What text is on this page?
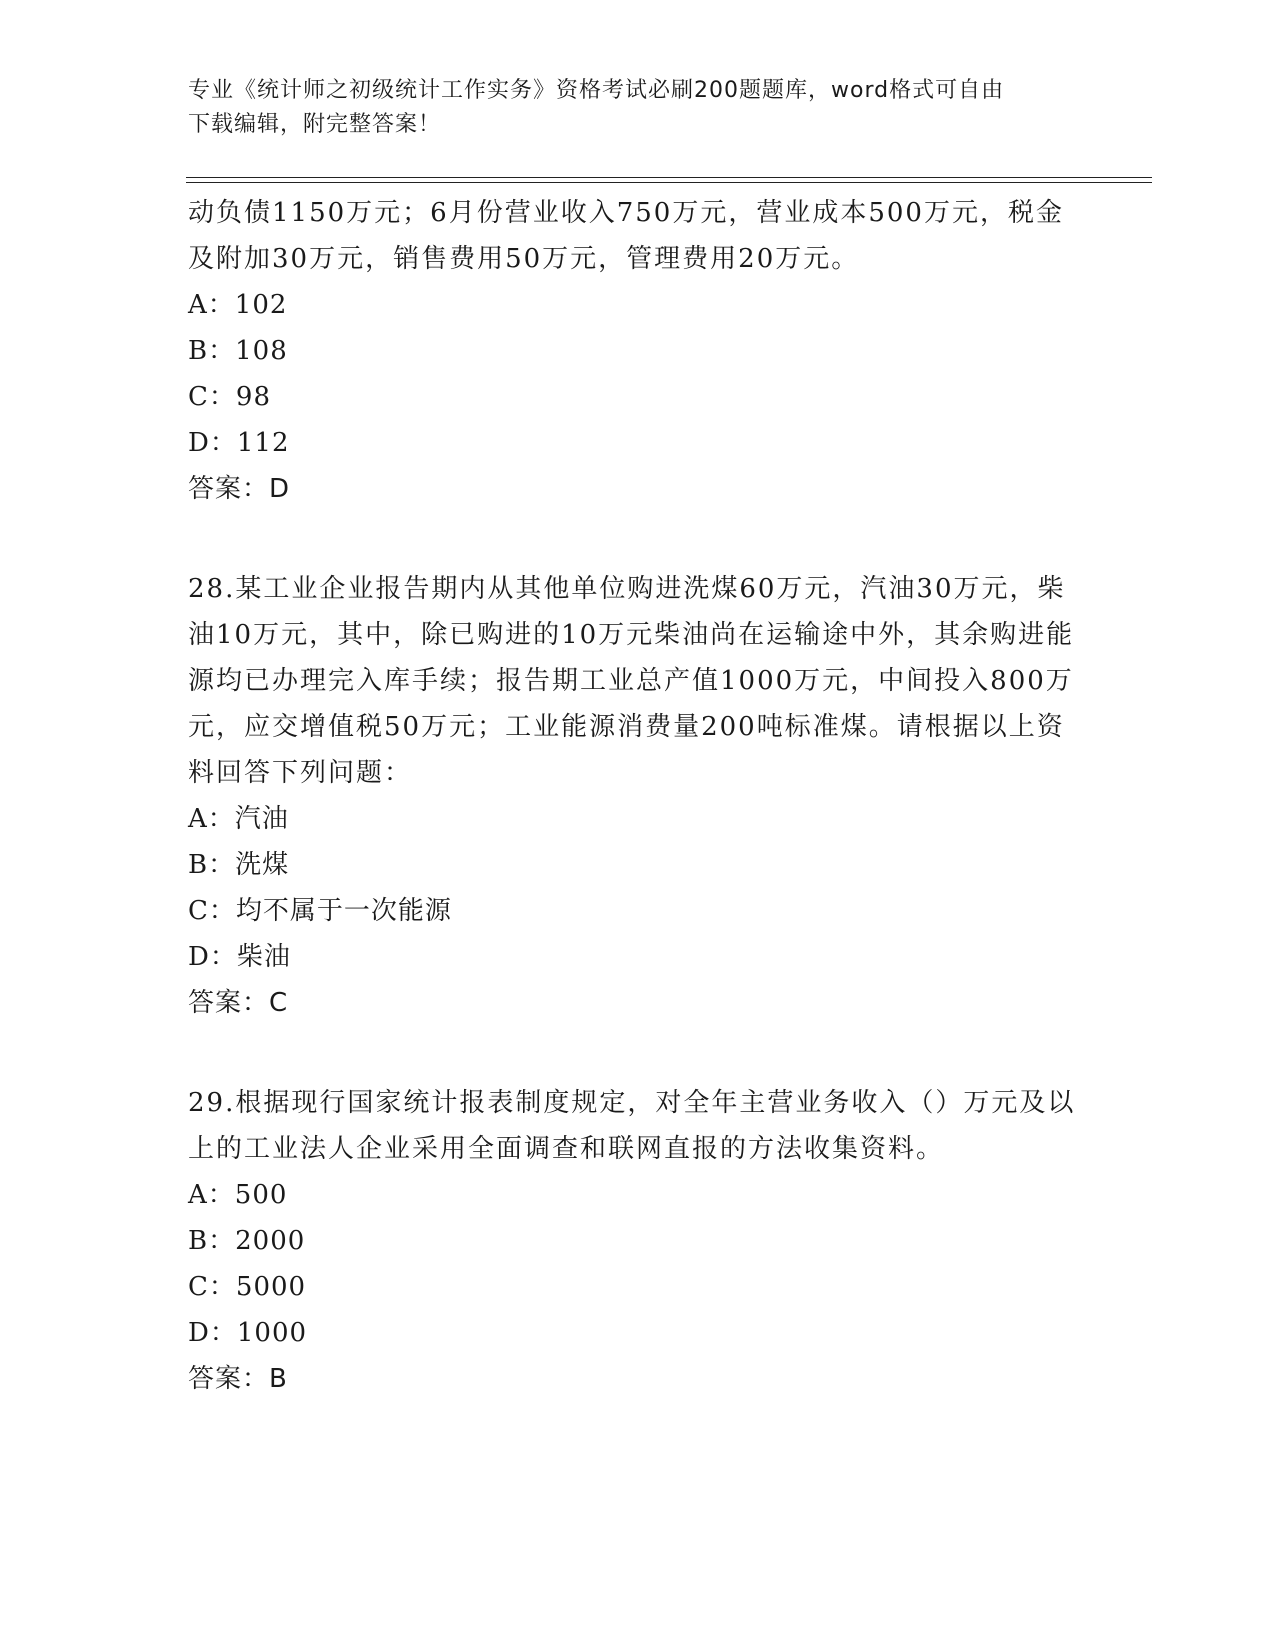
专业《统计师之初级统计工作实务》资格考试必刷200题题库，word格式可自由
下载编辑，附完整答案！

动负债1150万元；6月份营业收入750万元，营业成本500万元，税金及附加30万元，销售费用50万元，管理费用20万元。

A：102

B：108

C：98

D：112

答案：D

28.某工业企业报告期内从其他单位购进洗煤60万元，汽油30万元，柴油10万元，其中，除已购进的10万元柴油尚在运输途中外，其余购进能源均已办理完入库手续；报告期工业总产值1000万元，中间投入800万元，应交增值税50万元；工业能源消费量200吨标准煤。请根据以上资料回答下列问题：

A：汽油

B：洗煤

C：均不属于一次能源

D：柴油

答案：C

29.根据现行国家统计报表制度规定，对全年主营业务收入（）万元及以上的工业法人企业采用全面调查和联网直报的方法收集资料。

A：500

B：2000

C：5000

D：1000

答案：B
